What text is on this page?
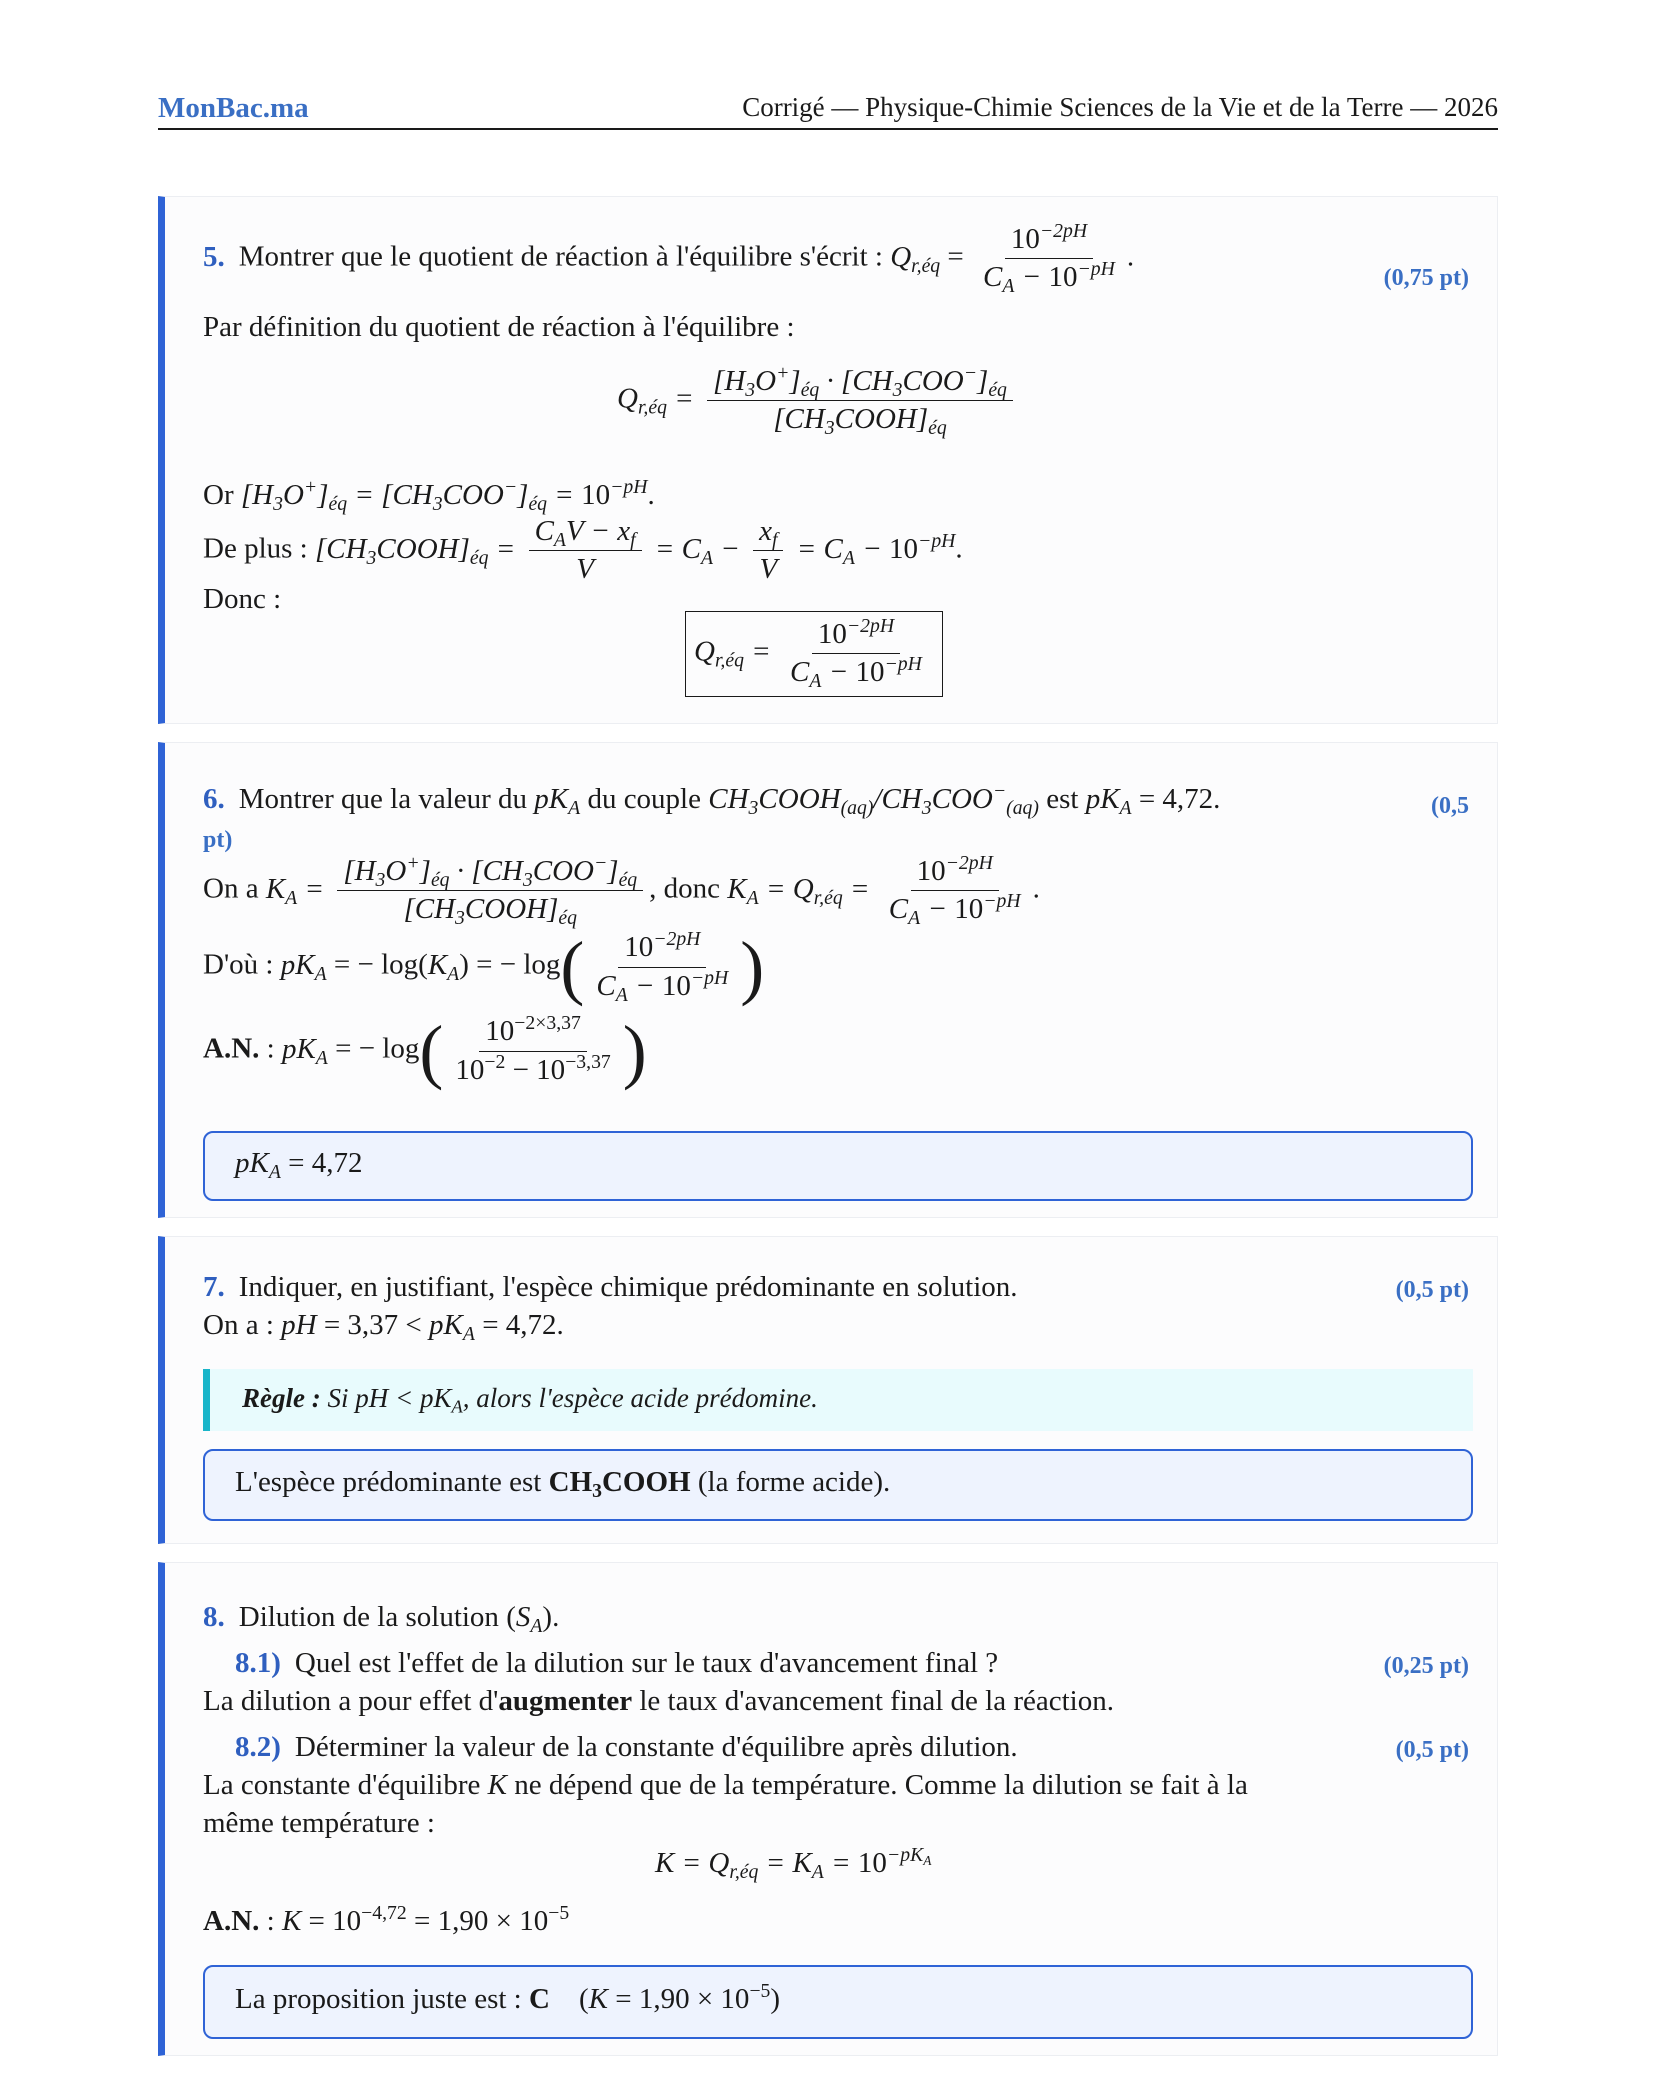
MonBac.ma	Corrigé — Physique-Chimie Sciences de la Vie et de la Terre — 2026
5. Montrer que le quotient de réaction à l'équilibre s'écrit : $Q_{r,éq} = \frac{10^{-2pH}}{C_A - 10^{-pH}}$ .
(0,75 pt)
Par définition du quotient de réaction à l'équilibre :
$Q_{r,éq} = \frac{[H_3O^+]_{éq} \cdot [CH_3COO^-]_{éq}}{[CH_3COOH]_{éq}}$
Or $[H_3O^+]_{éq} = [CH_3COO^-]_{éq} = 10^{-pH}$.
De plus : $[CH_3COOH]_{éq} = \frac{C_AV - x_f}{V} = C_A - \frac{x_f}{V} = C_A - 10^{-pH}$.
Donc :
$Q_{r,éq} = \frac{10^{-2pH}}{C_A - 10^{-pH}}$
6. Montrer que la valeur du $pK_A$ du couple $CH_3COOH_{(aq)}/CH_3COO^-_{(aq)}$ est $pK_A = 4,72$.	(0,5
pt)
On a $K_A = \frac{[H_3O^+]_{éq} \cdot [CH_3COO^-]_{éq}}{[CH_3COOH]_{éq}}$ , donc $K_A = Q_{r,éq} = \frac{10^{-2pH}}{C_A - 10^{-pH}}$ .
D'où : $pK_A$ = − $\log(K_A)$ = − $\log( \frac{10^{-2pH}}{C_A - 10^{-pH}}$ )
A.N. : $pK_A$ = − $\log( \frac{10^{-2\times 3,37}}{10^{-2} - 10^{-3,37}}$ )
$pK_A = 4,72$
7. Indiquer, en justifiant, l'espèce chimique prédominante en solution.	(0,5 pt)
On a : pH = $3,37 < pK_A = 4,72$.
Règle : Si pH < $pK_A$, alors l'espèce acide prédomine.
L'espèce prédominante est $CH_3COOH$ (la forme acide).
8. Dilution de la solution $(S_A)$.
8.1) Quel est l'effet de la dilution sur le taux d'avancement final ?	(0,25 pt)
La dilution a pour effet d'augmenter le taux d'avancement final de la réaction.
8.2) Déterminer la valeur de la constante d'équilibre après dilution.	(0,5 pt)
La constante d'équilibre K ne dépend que de la température. Comme la dilution se fait à la
même température :
$K = Q_{r,éq} = K_A = 10^{-pK_A}$
A.N. : $K = 10^{-4,72} = 1,90 \times 10^{-5}$
La proposition juste est : C    $(K = 1,90 \times 10^{-5})$
